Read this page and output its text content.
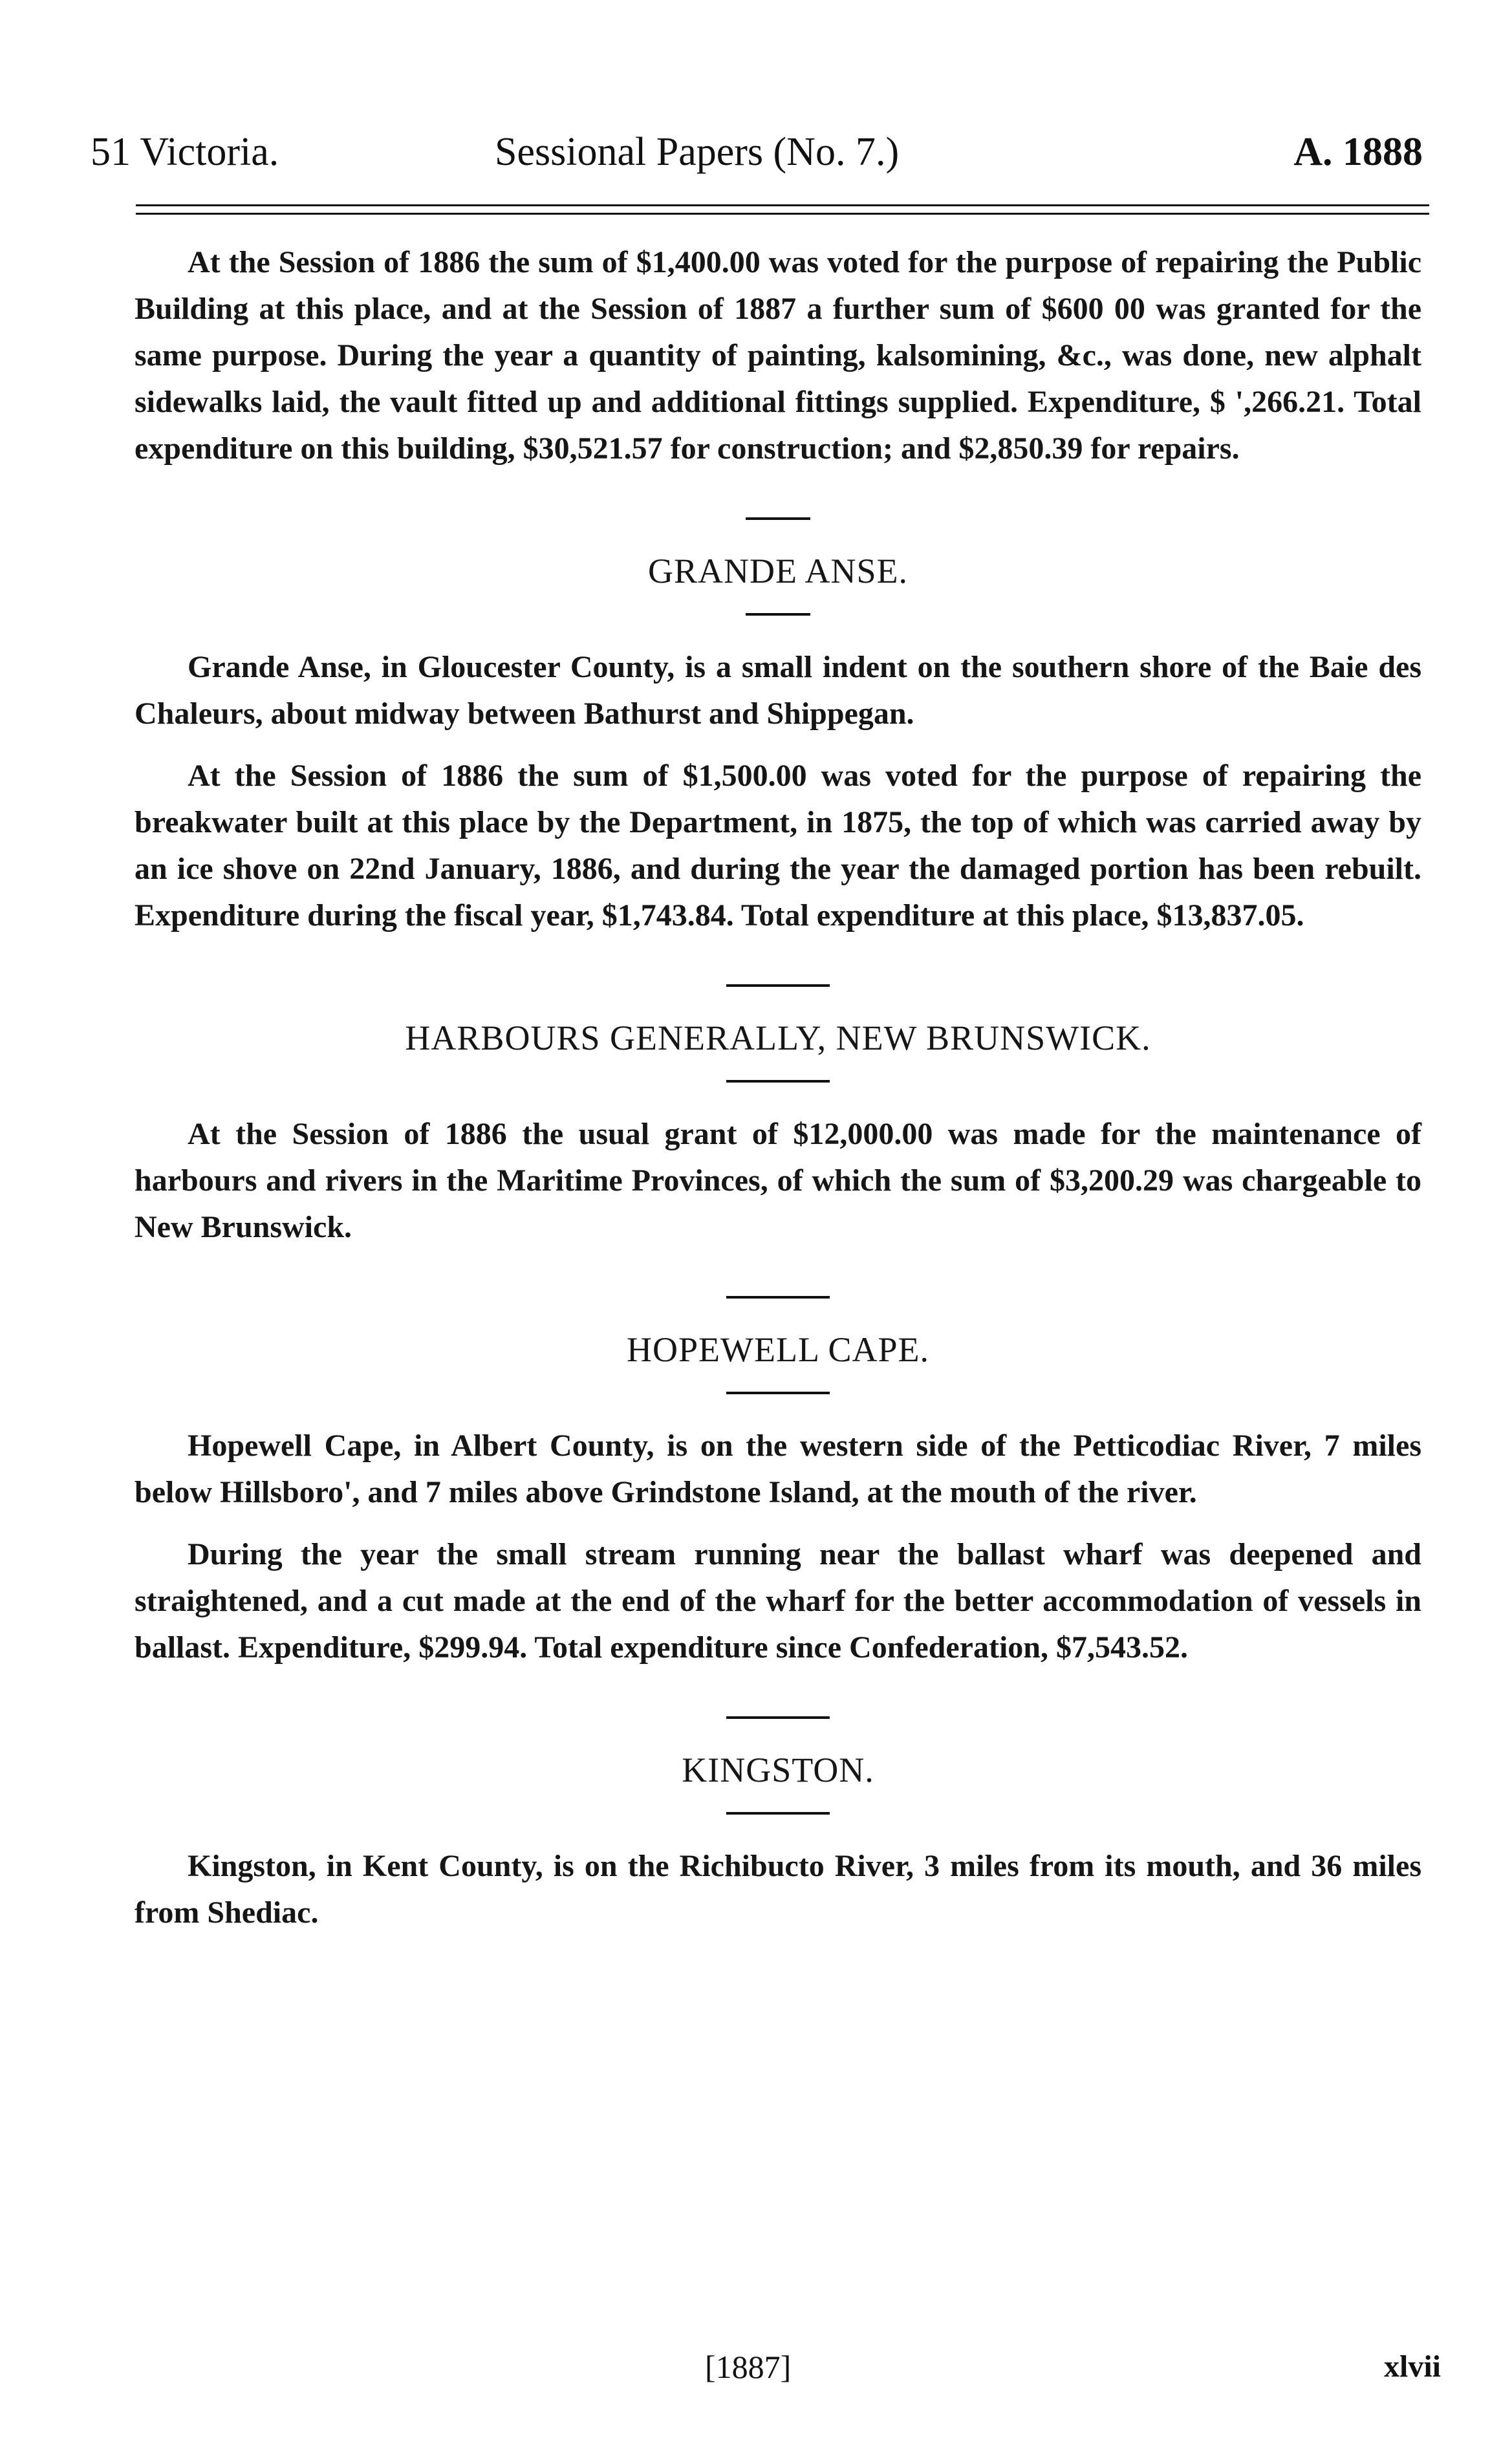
51 Victoria.	Sessional Papers (No. 7.)	A. 1888

At the Session of 1886 the sum of $1,400.00 was voted for the purpose of repairing the Public Building at this place, and at the Session of 1887 a further sum of $600 00 was granted for the same purpose. During the year a quantity of painting, kalsomining, &c., was done, new alphalt sidewalks laid, the vault fitted up and additional fittings supplied. Expenditure, $ ',266.21. Total expenditure on this building, $30,521.57 for construction; and $2,850.39 for repairs.

GRANDE ANSE.

Grande Anse, in Gloucester County, is a small indent on the southern shore of the Baie des Chaleurs, about midway between Bathurst and Shippegan.

At the Session of 1886 the sum of $1,500.00 was voted for the purpose of repairing the breakwater built at this place by the Department, in 1875, the top of which was carried away by an ice shove on 22nd January, 1886, and during the year the damaged portion has been rebuilt. Expenditure during the fiscal year, $1,743.84. Total expenditure at this place, $13,837.05.

HARBOURS GENERALLY, NEW BRUNSWICK.

At the Session of 1886 the usual grant of $12,000.00 was made for the maintenance of harbours and rivers in the Maritime Provinces, of which the sum of $3,200.29 was chargeable to New Brunswick.

HOPEWELL CAPE.

Hopewell Cape, in Albert County, is on the western side of the Petticodiac River, 7 miles below Hillsboro', and 7 miles above Grindstone Island, at the mouth of the river.

During the year the small stream running near the ballast wharf was deepened and straightened, and a cut made at the end of the wharf for the better accommodation of vessels in ballast. Expenditure, $299.94. Total expenditure since Confederation, $7,543.52.

KINGSTON.

Kingston, in Kent County, is on the Richibucto River, 3 miles from its mouth, and 36 miles from Shediac.

[1887]	xlvii
